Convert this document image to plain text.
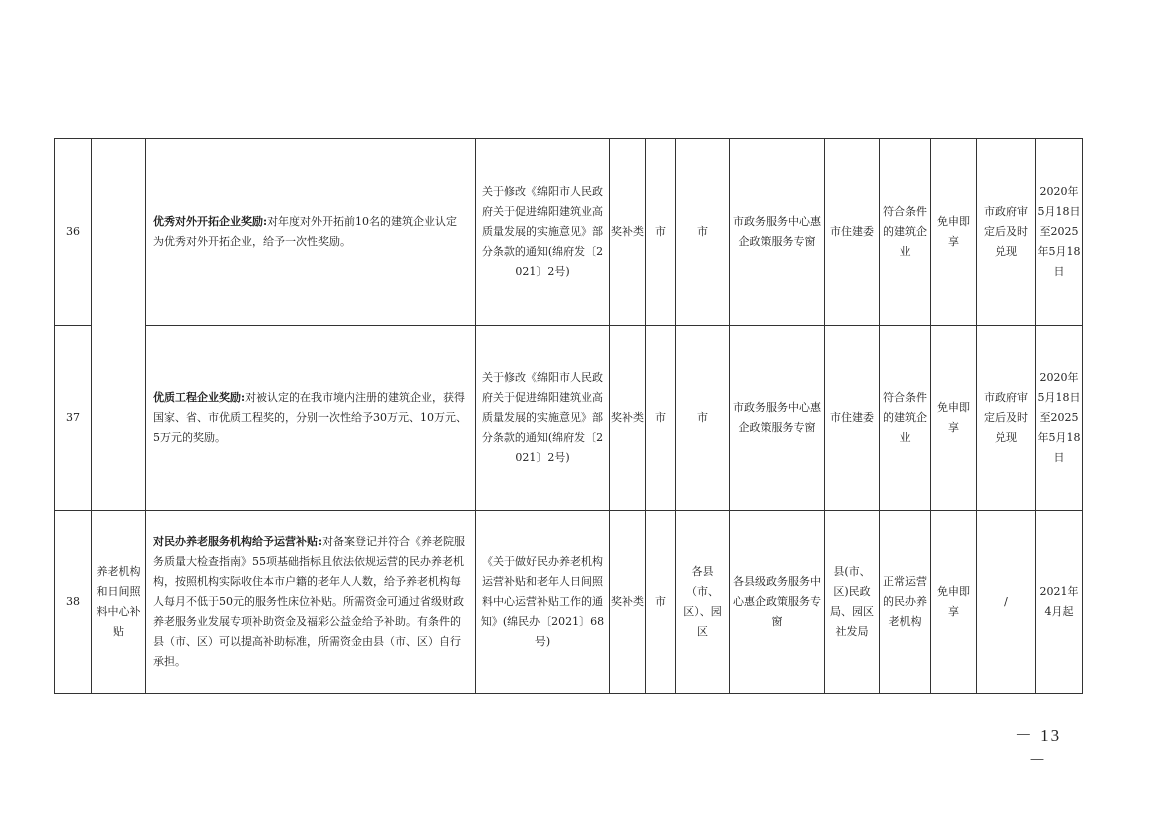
36		优秀对外开拓企业奖励:对年度对外开拓前10名的建筑企业认定为优秀对外开拓企业，给予一次性奖励。	关于修改《绵阳市人民政府关于促进绵阳建筑业高质量发展的实施意见》部分条款的通知(绵府发〔2021〕2号)	奖补类	市	市	市政务服务中心惠企政策服务专窗	市住建委	符合条件的建筑企业	免申即享	市政府审定后及时兑现	2020年5月18日至2025年5月18日
37		优质工程企业奖励:对被认定的在我市境内注册的建筑企业，获得国家、省、市优质工程奖的，分别一次性给予30万元、10万元、5万元的奖励。	关于修改《绵阳市人民政府关于促进绵阳建筑业高质量发展的实施意见》部分条款的通知(绵府发〔2021〕2号)	奖补类	市	市	市政务服务中心惠企政策服务专窗	市住建委	符合条件的建筑企业	免申即享	市政府审定后及时兑现	2020年5月18日至2025年5月18日
38	养老机构和日间照料中心补贴	对民办养老服务机构给予运营补贴:对备案登记并符合《养老院服务质量大检查指南》55项基础指标且依法依规运营的民办养老机构，按照机构实际收住本市户籍的老年人人数，给予养老机构每人每月不低于50元的服务性床位补贴。所需资金可通过省级财政养老服务业发展专项补助资金及福彩公益金给予补助。有条件的县（市、区）可以提高补助标准，所需资金由县（市、区）自行承担。	《关于做好民办养老机构运营补贴和老年人日间照料中心运营补贴工作的通知》(绵民办〔2021〕68号)	奖补类	市	各县（市、区）、园区	各县级政务服务中心惠企政策服务专窗	县(市、区)民政局、园区社发局	正常运营的民办养老机构	免申即享	/	2021年4月起
－ 13 －
